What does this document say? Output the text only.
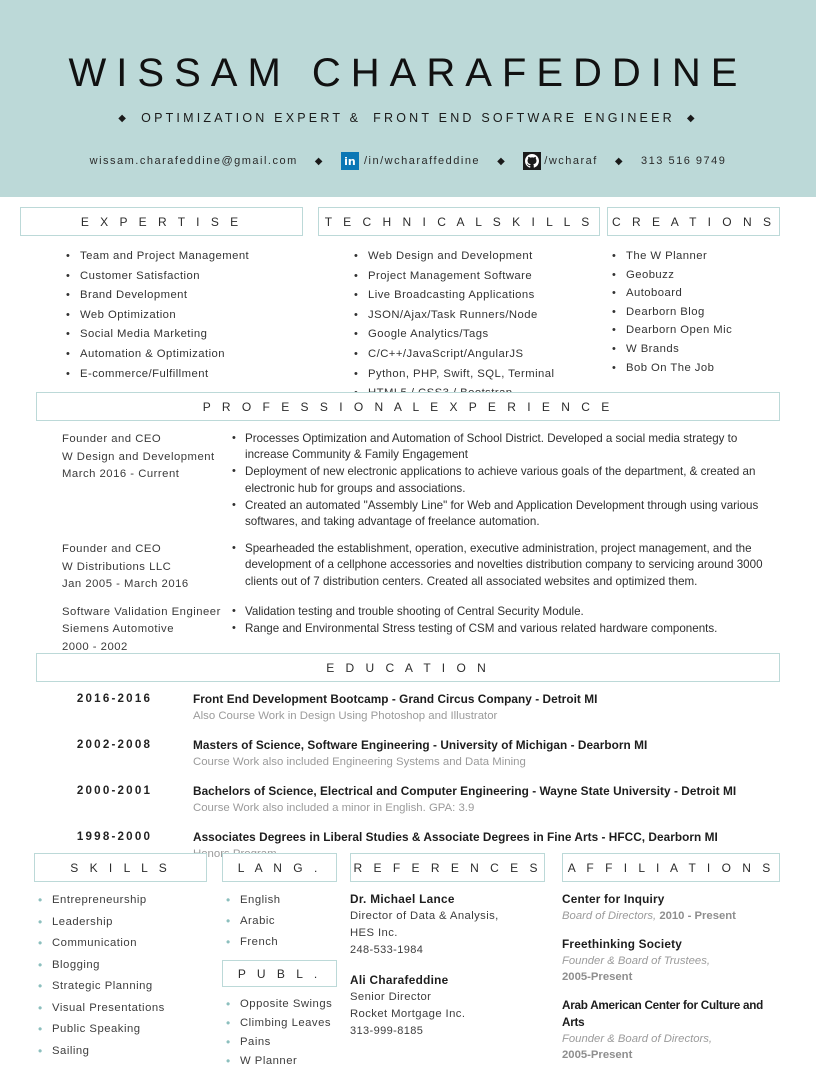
WISSAM CHARAFEDDINE
◆ OPTIMIZATION EXPERT & FRONT END SOFTWARE ENGINEER ◆
wissam.charafeddine@gmail.com	◆	in /in/wcharaffeddine	◆	/wcharaf	◆	313 516 9749
E X P E R T I S E
• Team and Project Management
• Customer Satisfaction
• Brand Development
• Web Optimization
• Social Media Marketing
• Automation & Optimization
• E-commerce/Fulfillment
T E C H N I C A L S K I L L S
• Web Design and Development
• Project Management Software
• Live Broadcasting Applications
• JSON/Ajax/Task Runners/Node
• Google Analytics/Tags
• C/C++/JavaScript/AngularJS
• Python, PHP, Swift, SQL, Terminal
•
C R E A T I O N S
• The W Planner
• Geobuzz
• Autoboard
• Dearborn Blog
• Dearborn Open Mic
• W Brands
• Bob On The Job
P R O F E S S I O N A L E X P E R I E N C E
Founder and CEO
W Design and Development
March 2016 - Current
• Processes Optimization and Automation of School District. Developed a social media strategy to increase Community & Family Engagement
• Deployment of new electronic applications to achieve various goals of the department, & created an electronic hub for groups and associations.
• Created an automated "Assembly Line" for Web and Application Development through using various softwares, and taking advantage of freelance automation.
Founder and CEO
W Distributions LLC
Jan 2005 - March 2016
• Spearheaded the establishment, operation, executive administration, project management, and the development of a cellphone accessories and novelties distribution company to servicing around 3000 clients out of 7 distribution centers. Created all associated websites and optimized them.
Software Validation Engineer
Siemens Automotive
2000 - 2002
• Validation testing and trouble shooting of Central Security Module.
• Range and Environmental Stress testing of CSM and various related hardware components.
E D U C A T I O N
2016-2016	Front End Development Bootcamp - Grand Circus Company - Detroit MI
Also Course Work in Design Using Photoshop and Illustrator
2002-2008	Masters of Science, Software Engineering - University of Michigan - Dearborn MI
Course Work also included Engineering Systems and Data Mining
2000-2001	Bachelors of Science, Electrical and Computer Engineering - Wayne State University - Detroit MI
Course Work also included a minor in English. GPA: 3.9
1998-2000	Associates Degrees in Liberal Studies & Associate Degrees in Fine Arts - HFCC, Dearborn MI
Honors
S K I L L S
• Entrepreneurship
• Leadership
• Communication
• Blogging
• Strategic Planning
• Visual Presentations
• Public Speaking
• Sailing
L A N G .
• English
• Arabic
• French
P U B L .
• Opposite Swings
• Climbing Leaves
• Pains
• W Planner
R E F E R E N C E S
Dr. Michael Lance
Director of Data & Analysis,
HES Inc.
248-533-1984
Ali Charafeddine
Senior Director
Rocket Mortgage Inc.
313-999-8185
A F F I L I A T I O N S
Center for Inquiry
Board of Directors, 2010 - Present
Freethinking Society
Founder & Board of Trustees,
2005-Present
Arab American Center for Culture and Arts
Founder & Board of Directors,
2005-Present
